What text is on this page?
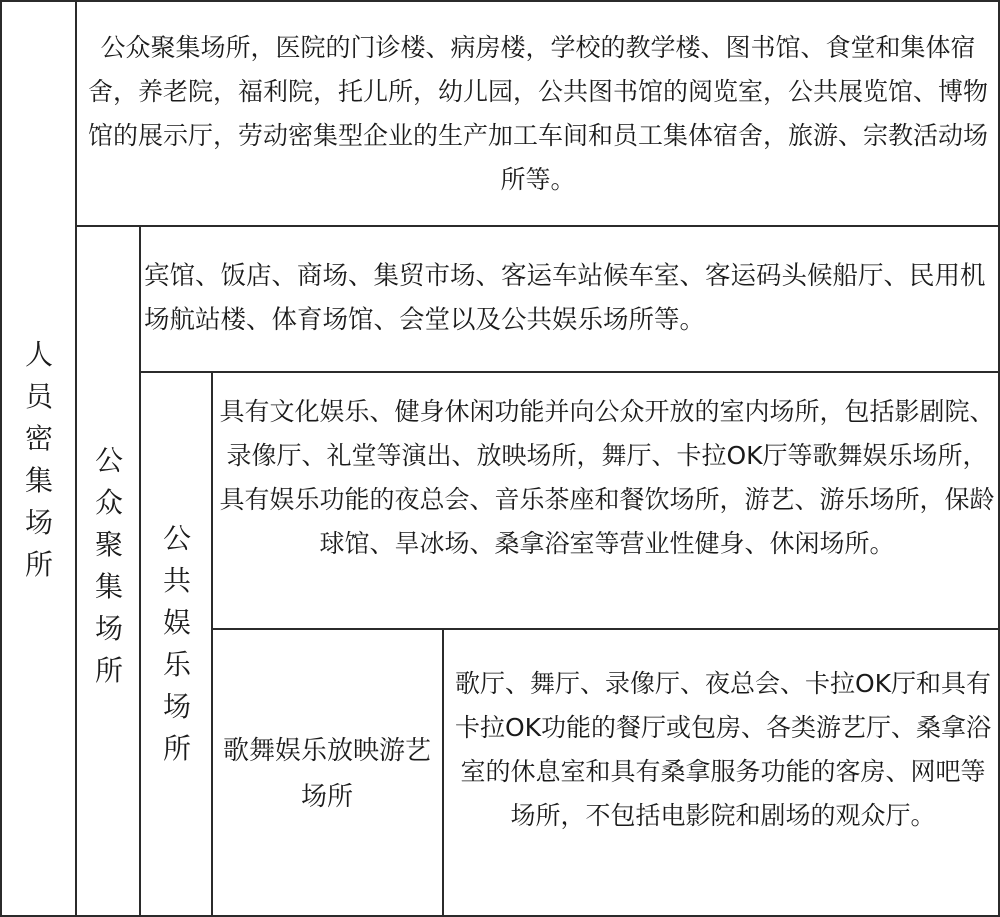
人
员
密
集
场
所
公众聚集场所，医院的门诊楼、病房楼，学校的教学楼、图书馆、食堂和集体宿舍，养老院，福利院，托儿所，幼儿园，公共图书馆的阅览室，公共展览馆、博物馆的展示厅，劳动密集型企业的生产加工车间和员工集体宿舍，旅游、宗教活动场所等。
公
众
聚
集
场
所
宾馆、饭店、商场、集贸市场、客运车站候车室、客运码头候船厅、民用机场航站楼、体育场馆、会堂以及公共娱乐场所等。
公
共
娱
乐
场
所
具有文化娱乐、健身休闲功能并向公众开放的室内场所，包括影剧院、录像厅、礼堂等演出、放映场所，舞厅、卡拉OK厅等歌舞娱乐场所，具有娱乐功能的夜总会、音乐茶座和餐饮场所，游艺、游乐场所，保龄球馆、旱冰场、桑拿浴室等营业性健身、休闲场所。
歌舞娱乐放映游艺场所
歌厅、舞厅、录像厅、夜总会、卡拉OK厅和具有卡拉OK功能的餐厅或包房、各类游艺厅、桑拿浴室的休息室和具有桑拿服务功能的客房、网吧等场所，不包括电影院和剧场的观众厅。
